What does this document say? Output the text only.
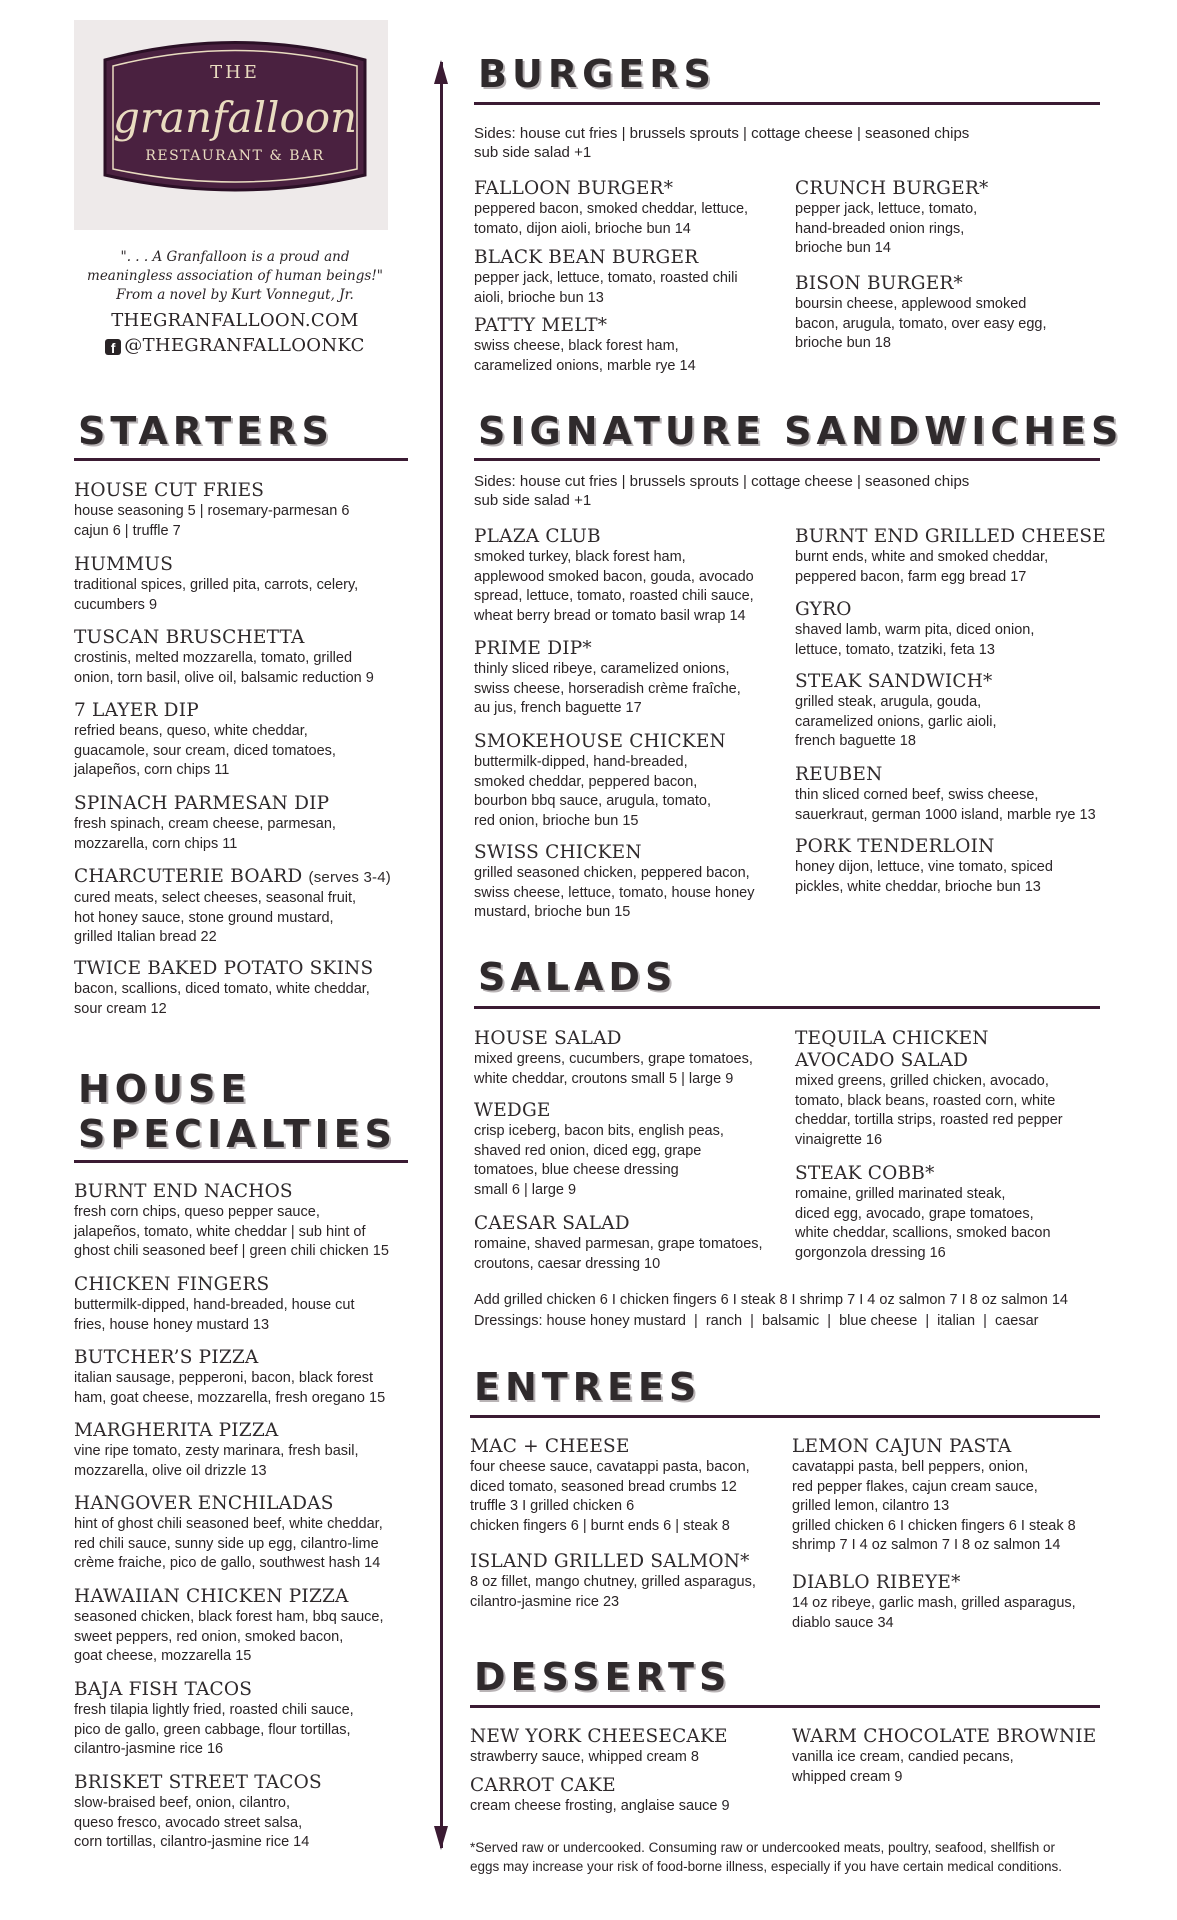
THE
granfalloon
RESTAURANT & BAR
". . . A Granfalloon is a proud and
meaningless association of human beings!"
From a novel by Kurt Vonnegut, Jr.
THEGRANFALLOON.COM
f @THEGRANFALLOONKC
STARTERS
HOUSE CUT FRIES
house seasoning 5 | rosemary-parmesan 6
cajun 6 | truffle 7
HUMMUS
traditional spices, grilled pita, carrots, celery,
cucumbers 9
TUSCAN BRUSCHETTA
crostinis, melted mozzarella, tomato, grilled
onion, torn basil, olive oil, balsamic reduction 9
7 LAYER DIP
refried beans, queso, white cheddar,
guacamole, sour cream, diced tomatoes,
jalapeños, corn chips 11
SPINACH PARMESAN DIP
fresh spinach, cream cheese, parmesan,
mozzarella, corn chips 11
CHARCUTERIE BOARD (serves 3-4)
cured meats, select cheeses, seasonal fruit,
hot honey sauce, stone ground mustard,
grilled Italian bread 22
TWICE BAKED POTATO SKINS
bacon, scallions, diced tomato, white cheddar,
sour cream 12
HOUSE
SPECIALTIES
BURNT END NACHOS
fresh corn chips, queso pepper sauce,
jalapeños, tomato, white cheddar | sub hint of
ghost chili seasoned beef | green chili chicken 15
CHICKEN FINGERS
buttermilk-dipped, hand-breaded, house cut
fries, house honey mustard 13
BUTCHER’S PIZZA
italian sausage, pepperoni, bacon, black forest
ham, goat cheese, mozzarella, fresh oregano 15
MARGHERITA PIZZA
vine ripe tomato, zesty marinara, fresh basil,
mozzarella, olive oil drizzle 13
HANGOVER ENCHILADAS
hint of ghost chili seasoned beef, white cheddar,
red chili sauce, sunny side up egg, cilantro-lime
crème fraiche, pico de gallo, southwest hash 14
HAWAIIAN CHICKEN PIZZA
seasoned chicken, black forest ham, bbq sauce,
sweet peppers, red onion, smoked bacon,
goat cheese, mozzarella 15
BAJA FISH TACOS
fresh tilapia lightly fried, roasted chili sauce,
pico de gallo, green cabbage, flour tortillas,
cilantro-jasmine rice 16
BRISKET STREET TACOS
slow-braised beef, onion, cilantro,
queso fresco, avocado street salsa,
corn tortillas, cilantro-jasmine rice 14
BURGERS
Sides: house cut fries | brussels sprouts | cottage cheese | seasoned chips
sub side salad +1
FALLOON BURGER*
peppered bacon, smoked cheddar, lettuce,
tomato, dijon aioli, brioche bun 14
BLACK BEAN BURGER
pepper jack, lettuce, tomato, roasted chili
aioli, brioche bun 13
PATTY MELT*
swiss cheese, black forest ham,
caramelized onions, marble rye 14
CRUNCH BURGER*
pepper jack, lettuce, tomato,
hand-breaded onion rings,
brioche bun 14
BISON BURGER*
boursin cheese, applewood smoked
bacon, arugula, tomato, over easy egg,
brioche bun 18
SIGNATURE SANDWICHES
Sides: house cut fries | brussels sprouts | cottage cheese | seasoned chips
sub side salad +1
PLAZA CLUB
smoked turkey, black forest ham,
applewood smoked bacon, gouda, avocado
spread, lettuce, tomato, roasted chili sauce,
wheat berry bread or tomato basil wrap 14
PRIME DIP*
thinly sliced ribeye, caramelized onions,
swiss cheese, horseradish crème fraîche,
au jus, french baguette 17
SMOKEHOUSE CHICKEN
buttermilk-dipped, hand-breaded,
smoked cheddar, peppered bacon,
bourbon bbq sauce, arugula, tomato,
red onion, brioche bun 15
SWISS CHICKEN
grilled seasoned chicken, peppered bacon,
swiss cheese, lettuce, tomato, house honey
mustard, brioche bun 15
BURNT END GRILLED CHEESE
burnt ends, white and smoked cheddar,
peppered bacon, farm egg bread 17
GYRO
shaved lamb, warm pita, diced onion,
lettuce, tomato, tzatziki, feta 13
STEAK SANDWICH*
grilled steak, arugula, gouda,
caramelized onions, garlic aioli,
french baguette 18
REUBEN
thin sliced corned beef, swiss cheese,
sauerkraut, german 1000 island, marble rye 13
PORK TENDERLOIN
honey dijon, lettuce, vine tomato, spiced
pickles, white cheddar, brioche bun 13
SALADS
HOUSE SALAD
mixed greens, cucumbers, grape tomatoes,
white cheddar, croutons small 5 | large 9
WEDGE
crisp iceberg, bacon bits, english peas,
shaved red onion, diced egg, grape
tomatoes, blue cheese dressing
small 6 | large 9
CAESAR SALAD
romaine, shaved parmesan, grape tomatoes,
croutons, caesar dressing 10
TEQUILA CHICKEN
AVOCADO SALAD
mixed greens, grilled chicken, avocado,
tomato, black beans, roasted corn, white
cheddar, tortilla strips, roasted red pepper
vinaigrette 16
STEAK COBB*
romaine, grilled marinated steak,
diced egg, avocado, grape tomatoes,
white cheddar, scallions, smoked bacon
gorgonzola dressing 16
Add grilled chicken 6 I chicken fingers 6 I steak 8 I shrimp 7 I 4 oz salmon 7 I 8 oz salmon 14
Dressings: house honey mustard  |  ranch  |  balsamic  |  blue cheese  |  italian  |  caesar
ENTREES
MAC + CHEESE
four cheese sauce, cavatappi pasta, bacon,
diced tomato, seasoned bread crumbs 12
truffle 3 I grilled chicken 6
chicken fingers 6 | burnt ends 6 | steak 8
ISLAND GRILLED SALMON*
8 oz fillet, mango chutney, grilled asparagus,
cilantro-jasmine rice 23
LEMON CAJUN PASTA
cavatappi pasta, bell peppers, onion,
red pepper flakes, cajun cream sauce,
grilled lemon, cilantro 13
grilled chicken 6 I chicken fingers 6 I steak 8
shrimp 7 I 4 oz salmon 7 I 8 oz salmon 14
DIABLO RIBEYE*
14 oz ribeye, garlic mash, grilled asparagus,
diablo sauce 34
DESSERTS
NEW YORK CHEESECAKE
strawberry sauce, whipped cream 8
CARROT CAKE
cream cheese frosting, anglaise sauce 9
WARM CHOCOLATE BROWNIE
vanilla ice cream, candied pecans,
whipped cream 9
*Served raw or undercooked. Consuming raw or undercooked meats, poultry, seafood, shellfish or
eggs may increase your risk of food-borne illness, especially if you have certain medical conditions.
